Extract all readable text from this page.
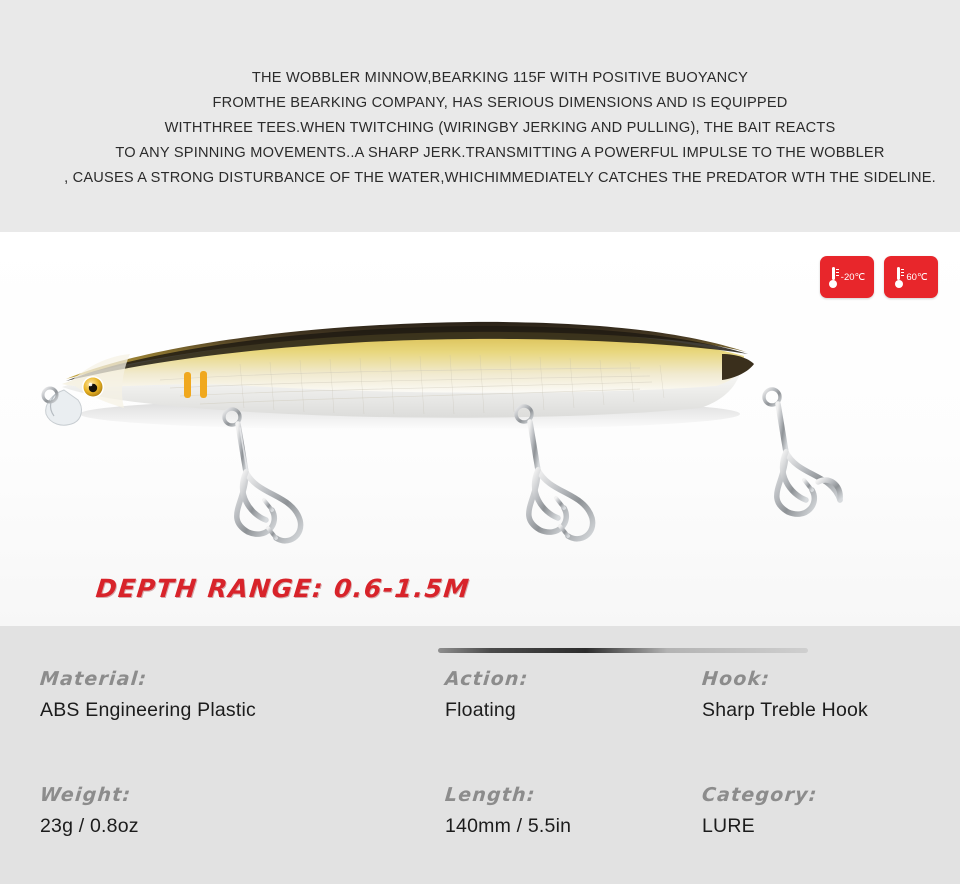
THE WOBBLER MINNOW,BEARKING 115F WITH POSITIVE BUOYANCY
FROMTHE BEARKING COMPANY, HAS SERIOUS DIMENSIONS AND IS EQUIPPED
WITHTHREE TEES.WHEN TWITCHING (WIRINGBY JERKING AND PULLING), THE BAIT REACTS
TO ANY SPINNING MOVEMENTS..A SHARP JERK.TRANSMITTING A POWERFUL IMPULSE TO THE WOBBLER
, CAUSES A STRONG DISTURBANCE OF THE WATER,WHICHIMMEDIATELY CATCHES THE PREDATOR WTH THE SIDELINE.
-20℃	60℃
DEPTH RANGE: 0.6-1.5M
Material:
ABS Engineering Plastic
Action:
Floating
Hook:
Sharp Treble Hook
Weight:
23g / 0.8oz
Length:
140mm / 5.5in
Category:
LURE
